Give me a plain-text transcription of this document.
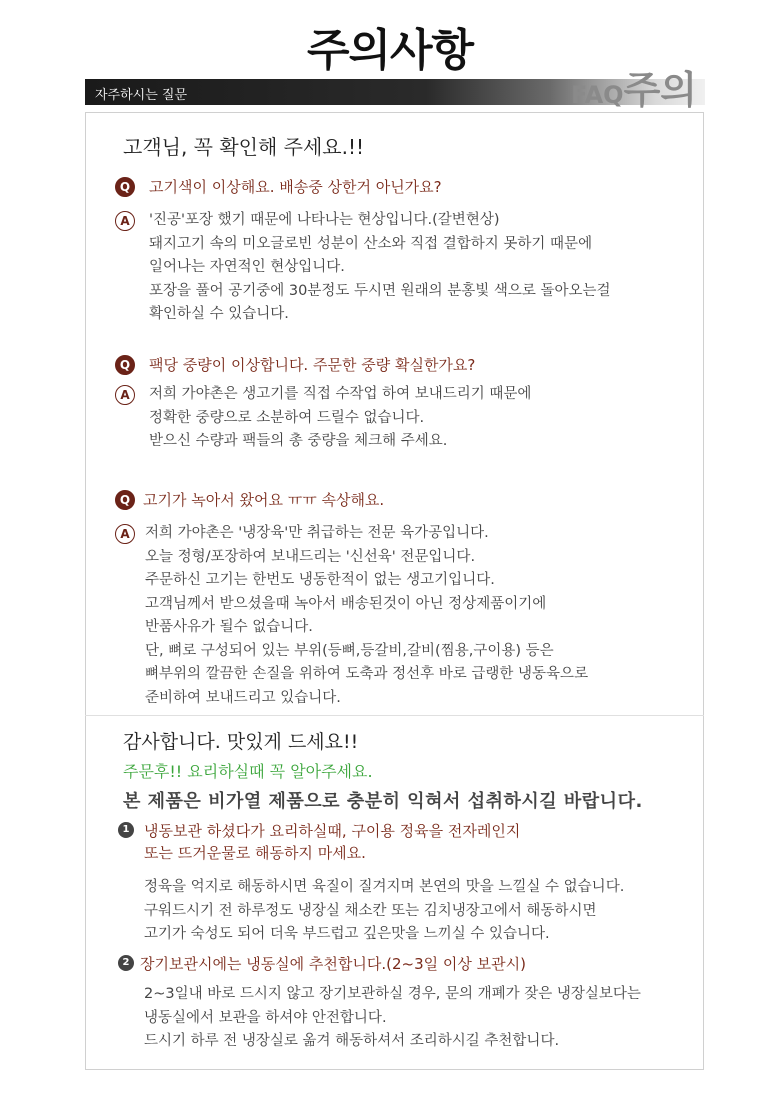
주의사항
자주하시는 질문	FAQ주의
고객님, 꼭 확인해 주세요.!!
Q	고기색이 이상해요. 배송중 상한거 아닌가요?
A	'진공'포장 했기 때문에 나타나는 현상입니다.(갈변현상)
돼지고기 속의 미오글로빈 성분이 산소와 직접 결합하지 못하기 때문에
일어나는 자연적인 현상입니다.
포장을 풀어 공기중에 30분정도 두시면 원래의 분홍빛 색으로 돌아오는걸
확인하실 수 있습니다.
Q	팩당 중량이 이상합니다. 주문한 중량 확실한가요?
A	저희 가야촌은 생고기를 직접 수작업 하여 보내드리기 때문에
정확한 중량으로 소분하여 드릴수 없습니다.
받으신 수량과 팩들의 총 중량을 체크해 주세요.
Q 고기가 녹아서 왔어요 ㅠㅠ 속상해요.
A	저희 가야촌은 '냉장육'만 취급하는 전문 육가공입니다.
오늘 정형/포장하여 보내드리는 '신선육' 전문입니다.
주문하신 고기는 한번도 냉동한적이 없는 생고기입니다.
고객님께서 받으셨을때 녹아서 배송된것이 아닌 정상제품이기에
반품사유가 될수 없습니다.
단, 뼈로 구성되어 있는 부위(등뼈,등갈비,갈비(찜용,구이용) 등은
뼈부위의 깔끔한 손질을 위하여 도축과 정선후 바로 급랭한 냉동육으로
준비하여 보내드리고 있습니다.
감사합니다. 맛있게 드세요!!
주문후!! 요리하실때 꼭 알아주세요.
본 제품은 비가열 제품으로 충분히 익혀서 섭취하시길 바랍니다.
1 냉동보관 하셨다가 요리하실때, 구이용 정육을 전자레인지
또는 뜨거운물로 해동하지 마세요.
정육을 억지로 해동하시면 육질이 질겨지며 본연의 맛을 느낄실 수 없습니다.
구워드시기 전 하루정도 냉장실 채소칸 또는 김치냉장고에서 해동하시면
고기가 숙성도 되어 더욱 부드럽고 깊은맛을 느끼실 수 있습니다.
2 장기보관시에는 냉동실에 추천합니다.(2~3일 이상 보관시)
2~3일내 바로 드시지 않고 장기보관하실 경우, 문의 개폐가 잦은 냉장실보다는
냉동실에서 보관을 하셔야 안전합니다.
드시기 하루 전 냉장실로 옮겨 해동하셔서 조리하시길 추천합니다.
